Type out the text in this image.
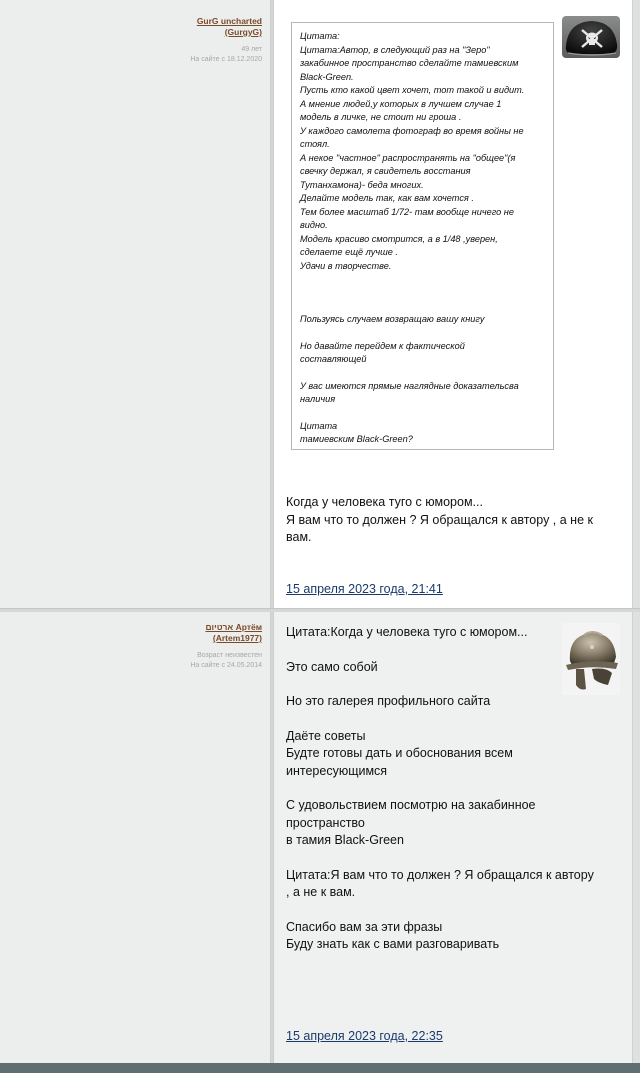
GurG uncharted
(GurgyG)
49 лет
На сайте с 18.12.2020
Цитата:
Цитата:Автор, в следующий раз на "Зеро"
закабинное пространство сделайте тамиевским
Black-Green.
Пусть кто какой цвет хочет, тот такой и видит.
А мнение людей,у которых в лучшем случае 1
модель в личке, не стоит ни гроша .
У каждого самолета фотограф во время войны не
стоял.
А некое "частное" распространять на "общее"(я
свечку держал, я свидетель восстания
Тутанхамона)- беда многих.
Делайте модель так, как вам хочется .
Тем более масштаб 1/72- там вообще ничего не
видно.
Модель красиво смотрится, а в 1/48 ,уверен,
сделаете ещё лучше .
Удачи в творчестве.
Пользуясь случаем возвращаю вашу книгу
Но давайте перейдем к фактической
составляющей
У вас имеются прямые наглядные доказательсва
наличия
Цитата
тамиевским Black-Green?
Когда у человека туго с юмором...
Я вам что то должен ? Я обращался к автору , а не к
вам.
15 апреля 2023 года, 21:41
ארטיום Артём
(Artem1977)
Возраст неизвестен
На сайте с 24.05.2014

Цитата:Когда у человека туго с юмором...

Это само собой

Но это галерея профильного сайта

Даёте советы
Будте готовы дать и обоснования всем
интересующимся

С удовольствием посмотрю на закабинное
пространство
в тамия Black-Green

Цитата:Я вам что то должен ? Я обращался к автору
, а не к вам.

Спасибо вам за эти фразы
Буду знать как с вами разговаривать

15 апреля 2023 года, 22:35
